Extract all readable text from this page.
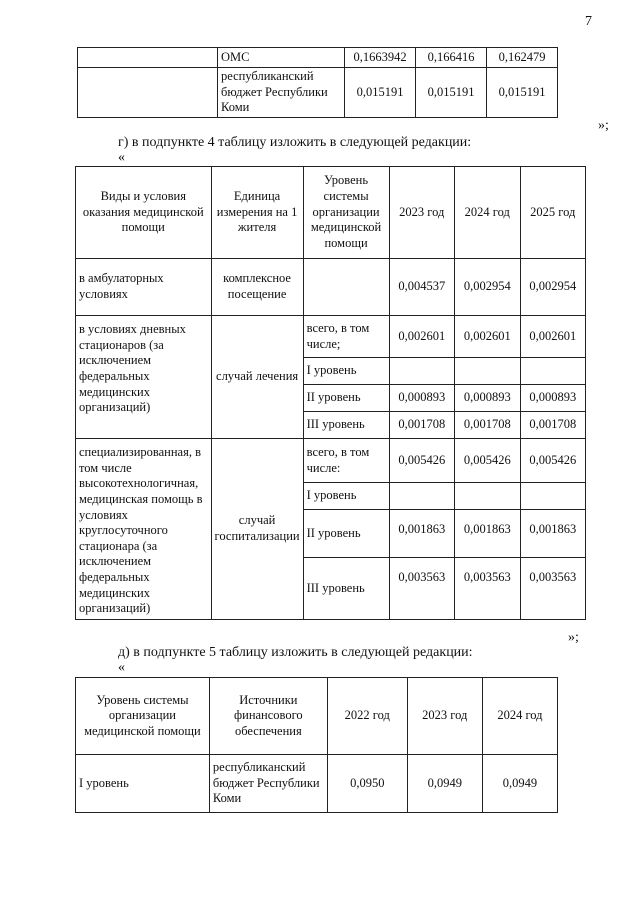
7
	ОМС	0,1663942	0,166416	0,162479
	республиканский бюджет Республики Коми	0,015191	0,015191	0,015191
»;
г) в подпункте 4 таблицу изложить в следующей редакции:
«
Виды и условия оказания медицинской помощи	Единица измерения на 1 жителя	Уровень системы организации медицинской помощи	2023 год	2024 год	2025 год
в амбулаторных условиях	комплексное посещение		0,004537	0,002954	0,002954
в условиях дневных стационаров (за исключением федеральных медицинских организаций)	случай лечения	всего, в том числе;	0,002601	0,002601	0,002601
		I уровень			
		II уровень	0,000893	0,000893	0,000893
		III уровень	0,001708	0,001708	0,001708
специализированная, в том числе высокотехнологичная, медицинская помощь в условиях круглосуточного стационара (за исключением федеральных медицинских организаций)	случай госпитализации	всего, в том числе:	0,005426	0,005426	0,005426
		I уровень			
		II уровень	0,001863	0,001863	0,001863
		III уровень	0,003563	0,003563	0,003563
»;
д) в подпункте 5 таблицу изложить в следующей редакции:
«
Уровень системы организации медицинской помощи	Источники финансового обеспечения	2022 год	2023 год	2024 год
I уровень	республиканский бюджет Республики Коми	0,0950	0,0949	0,0949
